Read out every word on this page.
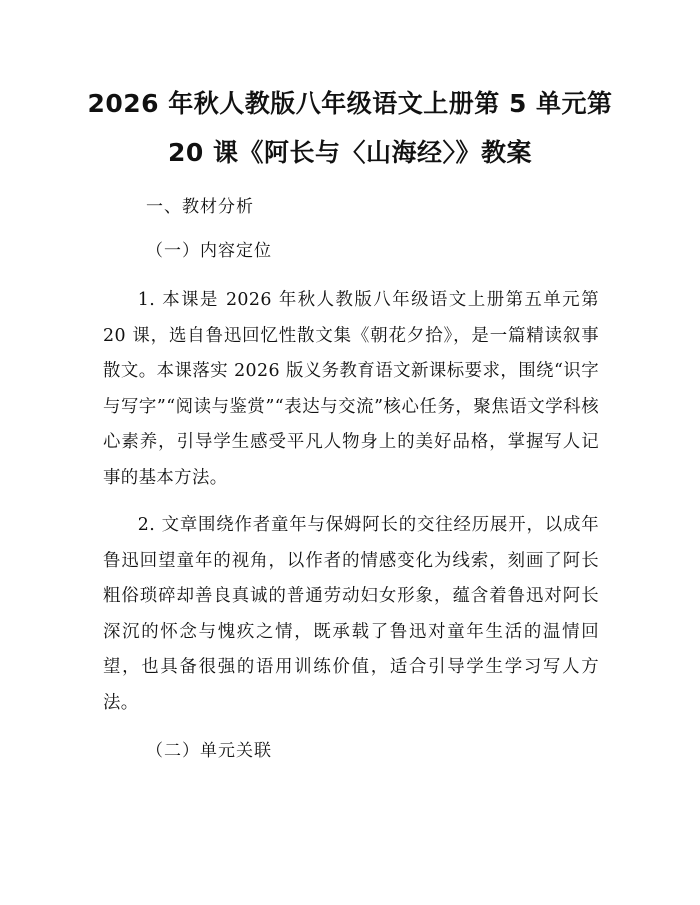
2026 年秋人教版八年级语文上册第 5 单元第
20 课《阿长与〈山海经〉》教案
一、教材分析
（一）内容定位

1. 本课是 2026 年秋人教版八年级语文上册第五单元第 20 课，选自鲁迅回忆性散文集《朝花夕拾》，是一篇精读叙事散文。本课落实 2026 版义务教育语文新课标要求，围绕“识字与写字”“阅读与鉴赏”“表达与交流”核心任务，聚焦语文学科核心素养，引导学生感受平凡人物身上的美好品格，掌握写人记事的基本方法。

2. 文章围绕作者童年与保姆阿长的交往经历展开，以成年鲁迅回望童年的视角，以作者的情感变化为线索，刻画了阿长粗俗琐碎却善良真诚的普通劳动妇女形象，蕴含着鲁迅对阿长深沉的怀念与愧疚之情，既承载了鲁迅对童年生活的温情回望，也具备很强的语用训练价值，适合引导学生学习写人方法。

（二）单元关联
